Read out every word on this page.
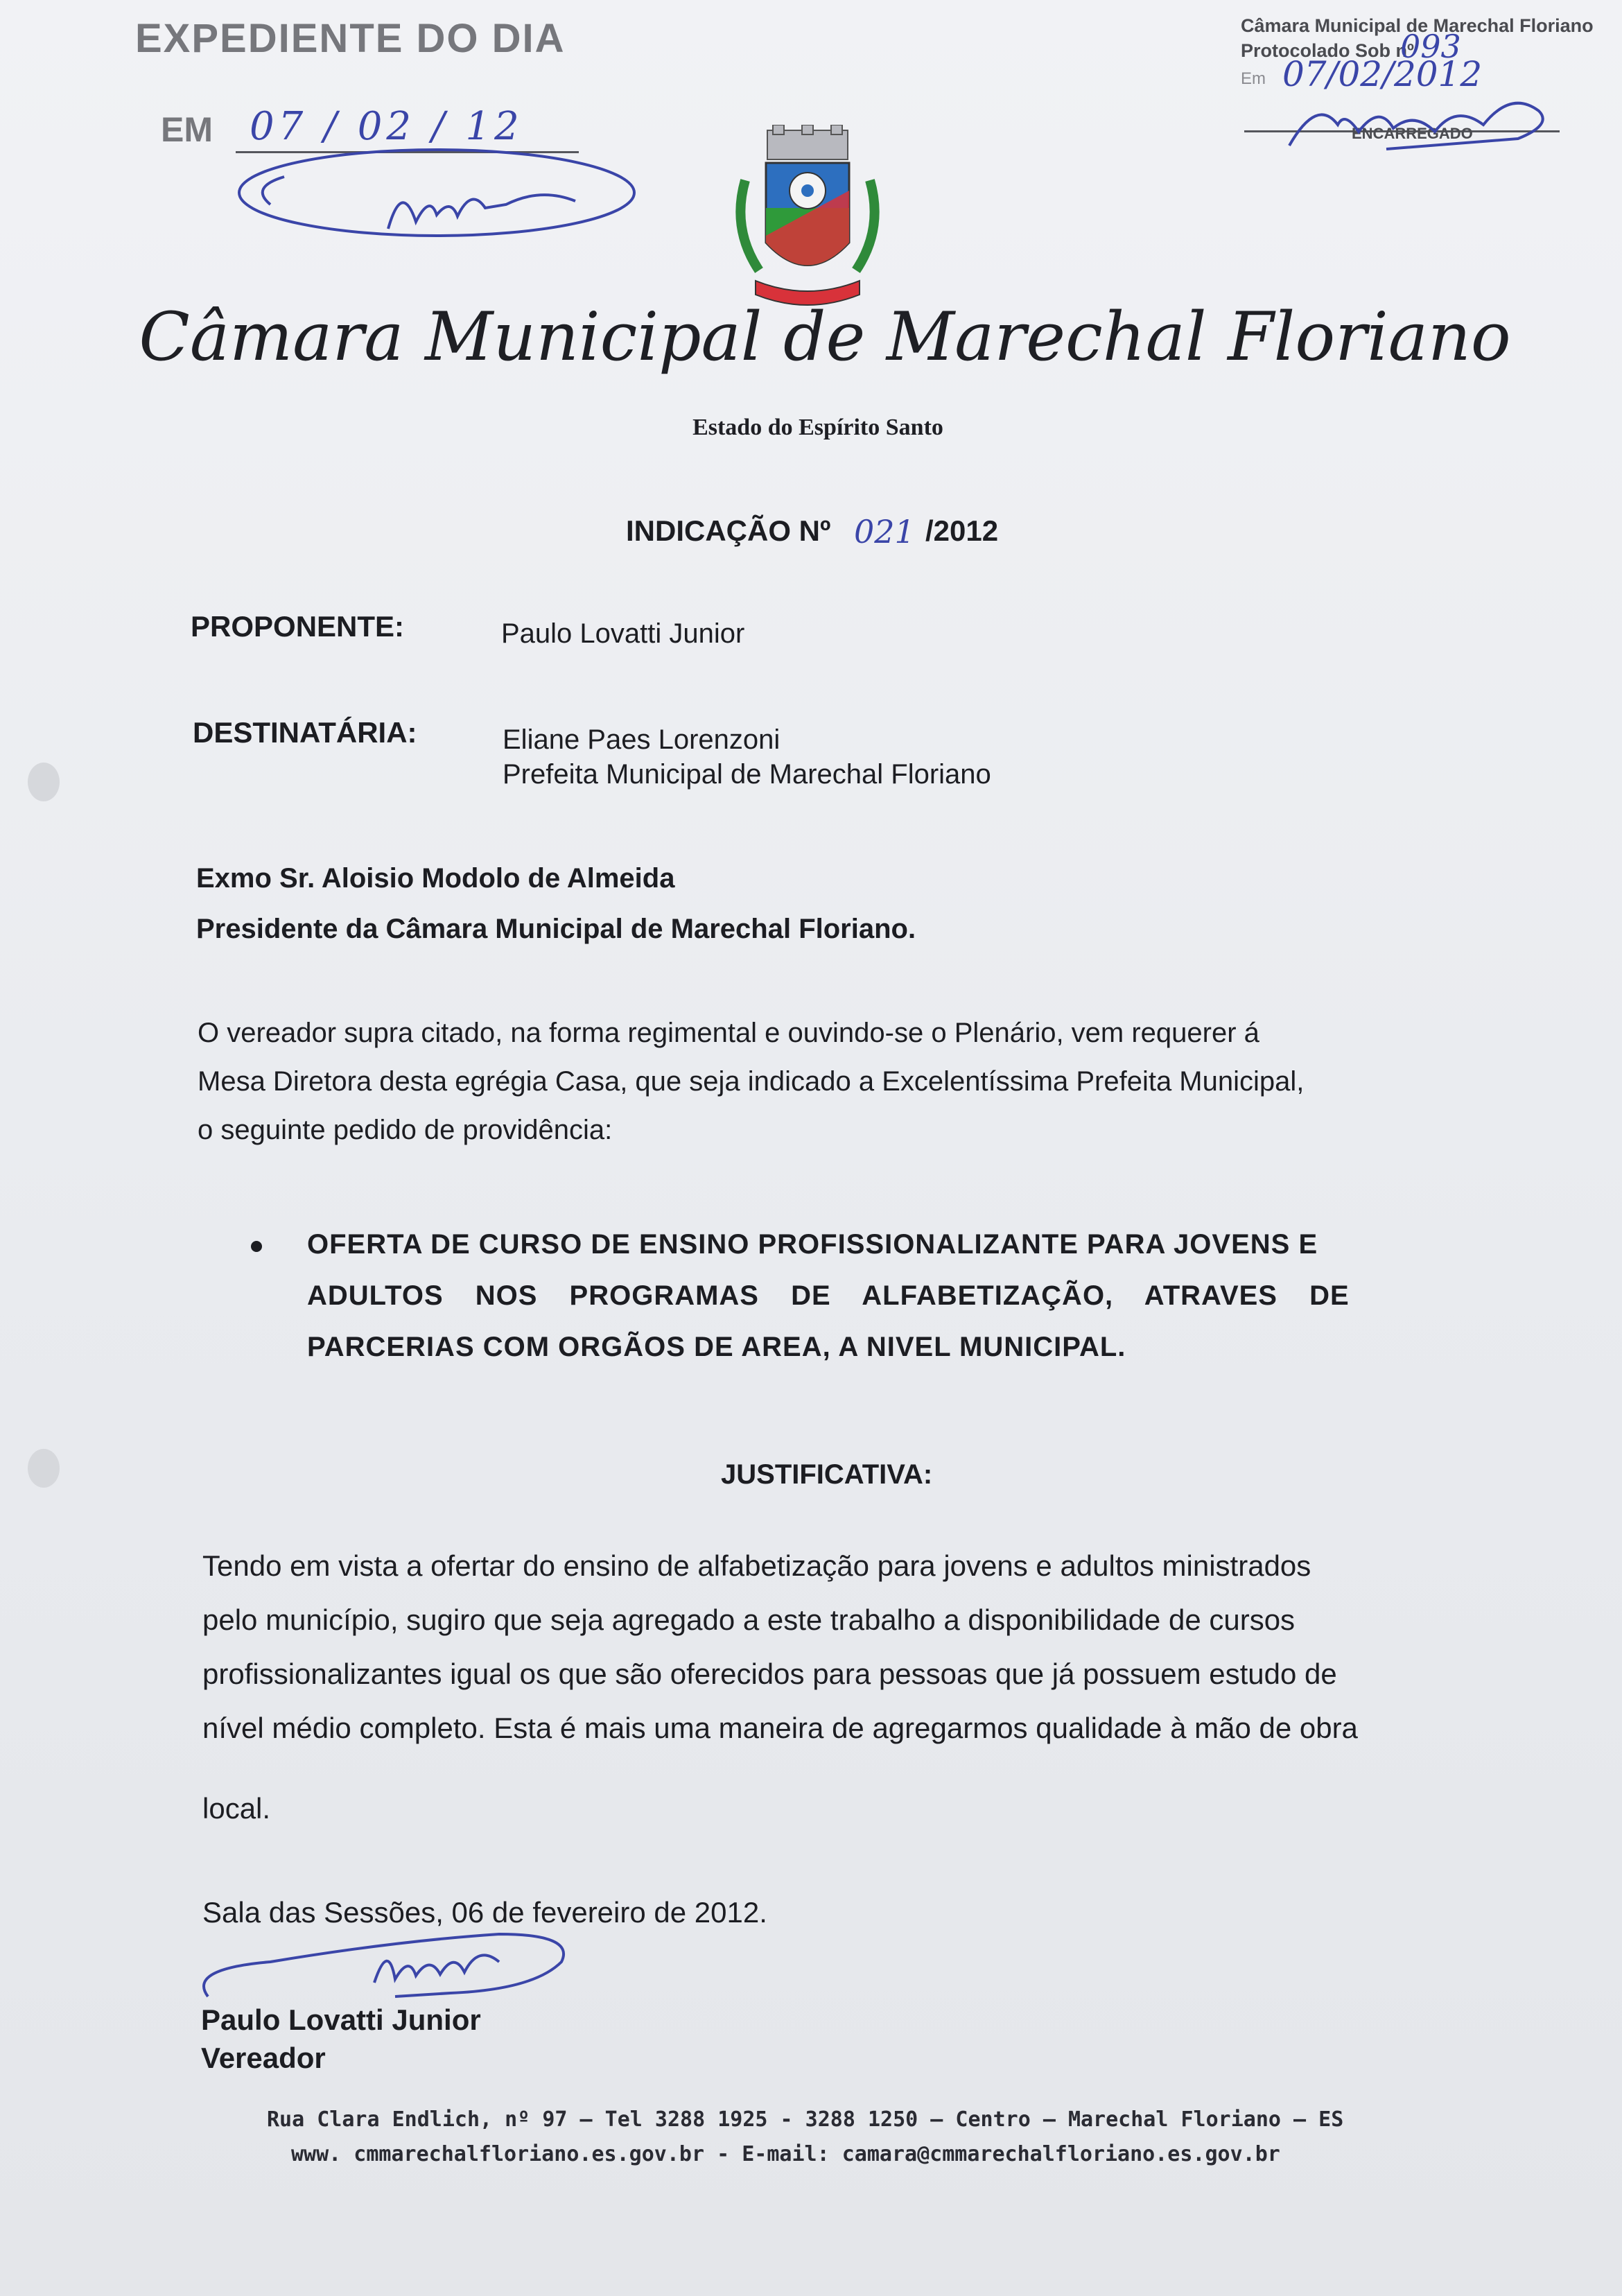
EXPEDIENTE DO DIA
EM 07 / 02 / 12
Câmara Municipal de Marechal Floriano
Protocolado Sob nº
093
Em 07/02/2012
ENCARREGADO
Câmara Municipal de Marechal Floriano
Estado do Espírito Santo
INDICAÇÃO Nº 021 /2012
PROPONENTE:	Paulo Lovatti Junior
DESTINATÁRIA:	Eliane Paes Lorenzoni
Prefeita Municipal de Marechal Floriano
Exmo Sr. Aloisio Modolo de Almeida
Presidente da Câmara Municipal de Marechal Floriano.
O vereador supra citado, na forma regimental e ouvindo-se o Plenário, vem requerer á
Mesa Diretora desta egrégia Casa, que seja indicado a Excelentíssima Prefeita Municipal,
o seguinte pedido de providência:
OFERTA DE CURSO DE ENSINO PROFISSIONALIZANTE PARA JOVENS E
ADULTOS NOS PROGRAMAS DE ALFABETIZAÇÃO, ATRAVES DE
PARCERIAS COM ORGÃOS DE AREA, A NIVEL MUNICIPAL.
JUSTIFICATIVA:
Tendo em vista a ofertar do ensino de alfabetização para jovens e adultos ministrados
pelo município, sugiro que seja agregado a este trabalho a disponibilidade de cursos
profissionalizantes igual os que são oferecidos para pessoas que já possuem estudo de
nível médio completo. Esta é mais uma maneira de agregarmos qualidade à mão de obra
local.
Sala das Sessões, 06 de fevereiro de 2012.
Paulo Lovatti Junior
Vereador
Rua Clara Endlich, nº 97 – Tel 3288 1925 - 3288 1250 – Centro – Marechal Floriano – ES
www. cmmarechalfloriano.es.gov.br - E-mail: camara@cmmarechalfloriano.es.gov.br
